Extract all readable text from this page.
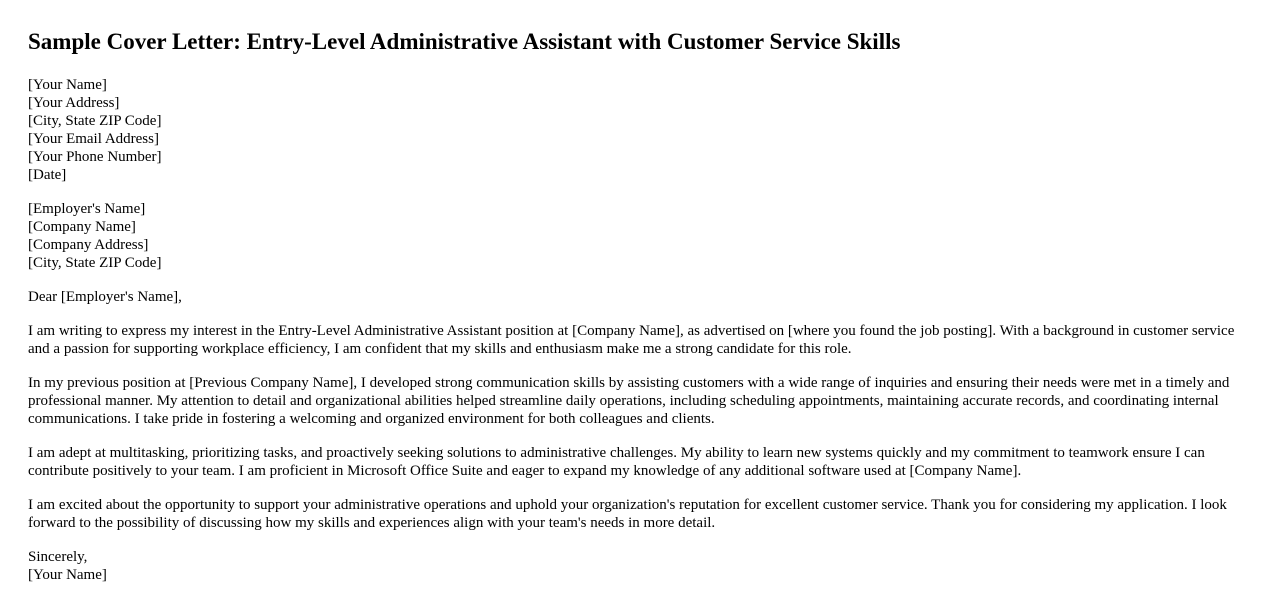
Sample Cover Letter: Entry-Level Administrative Assistant with Customer Service Skills
[Your Name]
[Your Address]
[City, State ZIP Code]
[Your Email Address]
[Your Phone Number]
[Date]
[Employer's Name]
[Company Name]
[Company Address]
[City, State ZIP Code]

Dear [Employer's Name],

I am writing to express my interest in the Entry-Level Administrative Assistant position at [Company Name], as advertised on [where you found the job posting]. With a background in customer service and a passion for supporting workplace efficiency, I am confident that my skills and enthusiasm make me a strong candidate for this role.

In my previous position at [Previous Company Name], I developed strong communication skills by assisting customers with a wide range of inquiries and ensuring their needs were met in a timely and professional manner. My attention to detail and organizational abilities helped streamline daily operations, including scheduling appointments, maintaining accurate records, and coordinating internal communications. I take pride in fostering a welcoming and organized environment for both colleagues and clients.

I am adept at multitasking, prioritizing tasks, and proactively seeking solutions to administrative challenges. My ability to learn new systems quickly and my commitment to teamwork ensure I can contribute positively to your team. I am proficient in Microsoft Office Suite and eager to expand my knowledge of any additional software used at [Company Name].

I am excited about the opportunity to support your administrative operations and uphold your organization's reputation for excellent customer service. Thank you for considering my application. I look forward to the possibility of discussing how my skills and experiences align with your team's needs in more detail.

Sincerely,
[Your Name]
